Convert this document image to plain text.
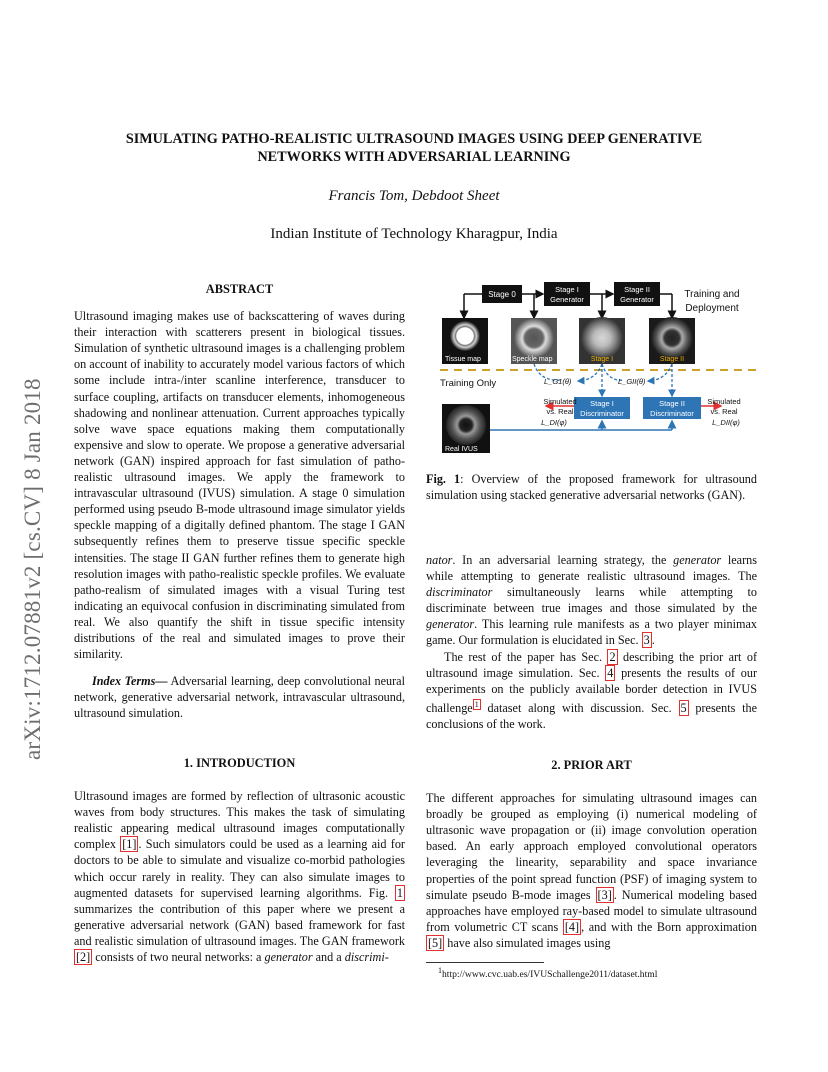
arXiv:1712.07881v2 [cs.CV] 8 Jan 2018
SIMULATING PATHO-REALISTIC ULTRASOUND IMAGES USING DEEP GENERATIVE
NETWORKS WITH ADVERSARIAL LEARNING
Francis Tom, Debdoot Sheet
Indian Institute of Technology Kharagpur, India
ABSTRACT

Ultrasound imaging makes use of backscattering of waves during their interaction with scatterers present in biological tissues. Simulation of synthetic ultrasound images is a challenging problem on account of inability to accurately model various factors of which some include intra-/inter scanline interference, transducer to surface coupling, artifacts on transducer elements, inhomogeneous shadowing and nonlinear attenuation. Current approaches typically solve wave space equations making them computationally expensive and slow to operate. We propose a generative adversarial network (GAN) inspired approach for fast simulation of patho-realistic ultrasound images. We apply the framework to intravascular ultrasound (IVUS) simulation. A stage 0 simulation performed using pseudo B-mode ultrasound image simulator yields speckle mapping of a digitally defined phantom. The stage I GAN subsequently refines them to preserve tissue specific speckle intensities. The stage II GAN further refines them to generate high resolution images with patho-realistic speckle profiles. We evaluate patho-realism of simulated images with a visual Turing test indicating an equivocal confusion in discriminating simulated from real. We also quantify the shift in tissue specific intensity distributions of the real and simulated images to prove their similarity.

Index Terms— Adversarial learning, deep convolutional neural network, generative adversarial network, intravascular ultrasound, ultrasound simulation.

1. INTRODUCTION

Ultrasound images are formed by reflection of ultrasonic acoustic waves from body structures. This makes the task of simulating realistic appearing medical ultrasound images computationally complex [1] . Such simulators could be used as a learning aid for doctors to be able to simulate and visualize co-morbid pathologies which occur rarely in reality. They can also simulate images to augmented datasets for supervised learning algorithms. Fig. 1 summarizes the contribution of this paper where we present a generative adversarial network (GAN) based framework for fast and realistic simulation of ultrasound images. The GAN framework [2] consists of two neural networks: a generator and a discrimi-

Stage 0
Stage I
Generator
Stage II
Generator	Training and
Deployment
Tissue map	Speckle map	Stage I	Stage II
Training Only	L_G1(θ)	L_GII(θ)
Stage I
Discriminator
Stage II
Discriminator
Simulated
vs. Real
L_DI(φ)
Simulated
vs. Real
L_DII(φ)
Real IVUS
Fig. 1: Overview of the proposed framework for ultrasound simulation using stacked generative adversarial networks (GAN).

nator. In an adversarial learning strategy, the generator learns while attempting to generate realistic ultrasound images. The discriminator simultaneously learns while attempting to discriminate between true images and those simulated by the generator. This learning rule manifests as a two player minimax game. Our formulation is elucidated in Sec. 3 .

The rest of the paper has Sec. 2 describing the prior art of ultrasound image simulation. Sec. 4 presents the results of our experiments on the publicly available border detection in IVUS challenge $^1$ dataset along with discussion. Sec. 5 presents the conclusions of the work.

2. PRIOR ART

The different approaches for simulating ultrasound images can broadly be grouped as employing (i) numerical modeling of ultrasonic wave propagation or (ii) image convolution operation based. An early approach employed convolutional operators leveraging the linearity, separability and space invariance properties of the point spread function (PSF) of imaging system to simulate pseudo B-mode images [3] . Numerical modeling based approaches have employed ray-based model to simulate ultrasound from volumetric CT scans [4] , and with the Born approximation [5] have also simulated images using

$^1$http://www.cvc.uab.es/IVUSchallenge2011/dataset.html
